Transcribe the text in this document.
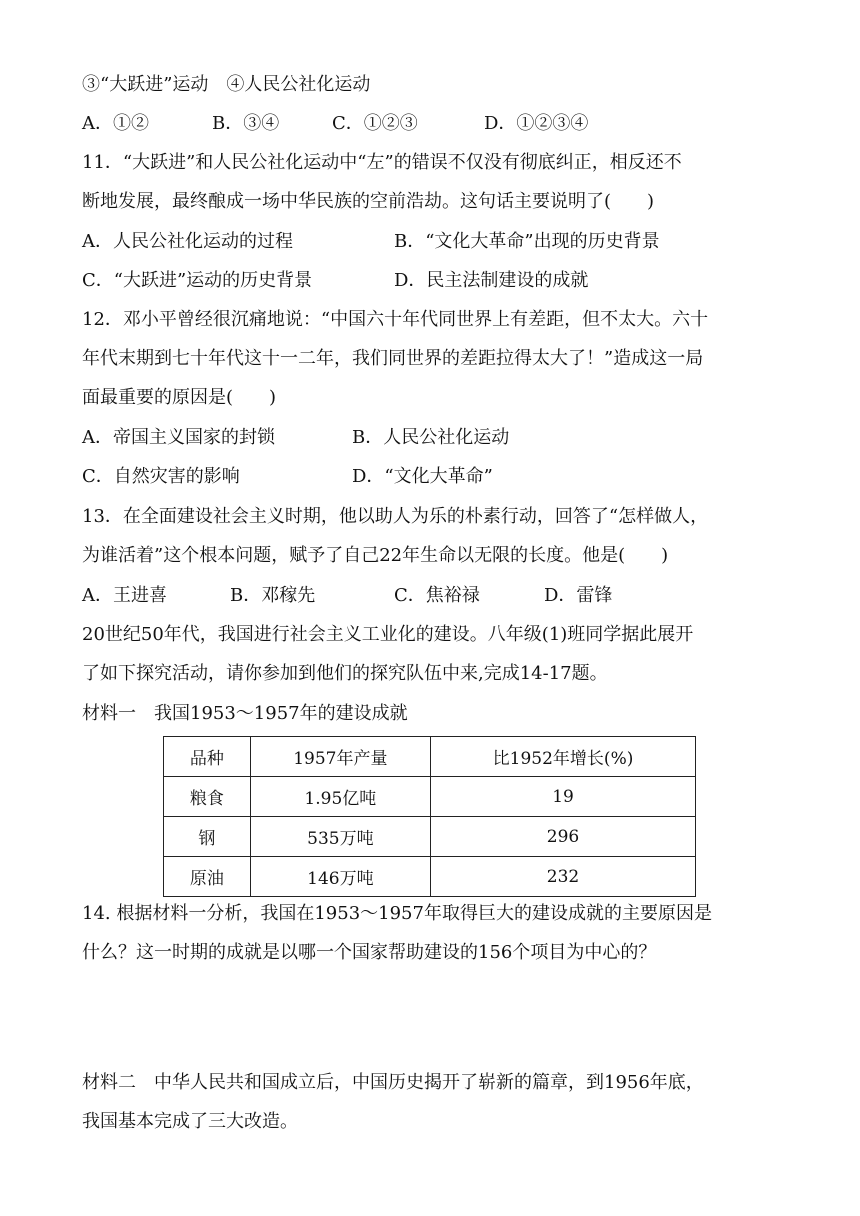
③“大跃进”运动　④人民公社化运动
A．①②	B．③④	C．①②③	D．①②③④
11．“大跃进”和人民公社化运动中“左”的错误不仅没有彻底纠正，相反还不
断地发展，最终酿成一场中华民族的空前浩劫。这句话主要说明了(　　)
A．人民公社化运动的过程	B．“文化大革命”出现的历史背景
C．“大跃进”运动的历史背景	D．民主法制建设的成就
12．邓小平曾经很沉痛地说：“中国六十年代同世界上有差距，但不太大。六十
年代末期到七十年代这十一二年，我们同世界的差距拉得太大了！”造成这一局
面最重要的原因是(　　)
A．帝国主义国家的封锁	B．人民公社化运动
C．自然灾害的影响	D．“文化大革命”
13．在全面建设社会主义时期，他以助人为乐的朴素行动，回答了“怎样做人，
为谁活着”这个根本问题，赋予了自己22年生命以无限的长度。他是(　　)
A．王进喜	B．邓稼先	C．焦裕禄	D．雷锋
20世纪50年代，我国进行社会主义工业化的建设。八年级(1)班同学据此展开
了如下探究活动，请你参加到他们的探究队伍中来,完成14-17题。
材料一　我国1953～1957年的建设成就
品种	1957年产量	比1952年增长(%)
粮食	1.95亿吨	19
钢	535万吨	296
原油	146万吨	232
14. 根据材料一分析，我国在1953～1957年取得巨大的建设成就的主要原因是
什么？这一时期的成就是以哪一个国家帮助建设的156个项目为中心的？
材料二　中华人民共和国成立后，中国历史揭开了崭新的篇章，到1956年底，
我国基本完成了三大改造。
